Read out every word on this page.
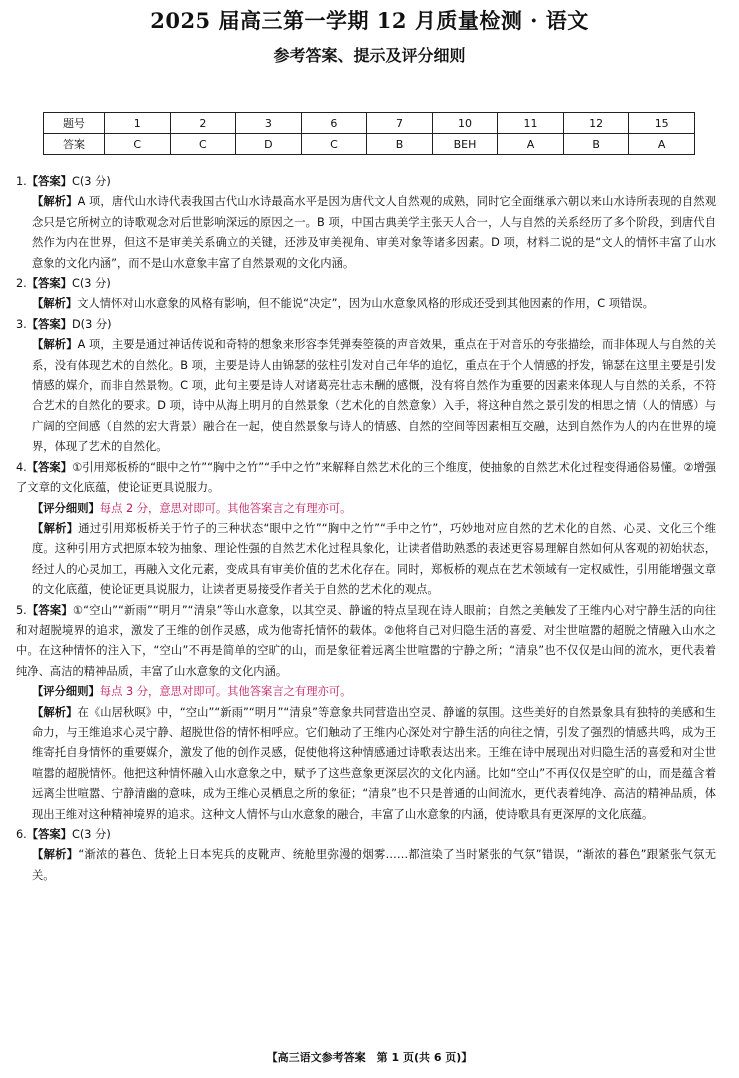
2025 届高三第一学期 12 月质量检测 · 语文
参考答案、提示及评分细则
题号	1	2	3	6	7	10	11	12	15
答案	C	C	D	C	B	BEH	A	B	A

1.【答案】C(3 分)

【解析】A 项，唐代山水诗代表我国古代山水诗最高水平是因为唐代文人自然观的成熟，同时它全面继承六朝以来山水诗所表现的自然观念只是它所树立的诗歌观念对后世影响深远的原因之一。B 项，中国古典美学主张天人合一，人与自然的关系经历了多个阶段，到唐代自然作为内在世界，但这不是审美关系确立的关键，还涉及审美视角、审美对象等诸多因素。D 项，材料二说的是“文人的情怀丰富了山水意象的文化内涵”，而不是山水意象丰富了自然景观的文化内涵。

2.【答案】C(3 分)

【解析】文人情怀对山水意象的风格有影响，但不能说“决定”，因为山水意象风格的形成还受到其他因素的作用，C 项错误。

3.【答案】D(3 分)

【解析】A 项，主要是通过神话传说和奇特的想象来形容李凭弹奏箜篌的声音效果，重点在于对音乐的夸张描绘，而非体现人与自然的关系，没有体现艺术的自然化。B 项，主要是诗人由锦瑟的弦柱引发对自己年华的追忆，重点在于个人情感的抒发，锦瑟在这里主要是引发情感的媒介，而非自然景物。C 项，此句主要是诗人对诸葛亮壮志未酬的感慨，没有将自然作为重要的因素来体现人与自然的关系，不符合艺术的自然化的要求。D 项，诗中从海上明月的自然景象（艺术化的自然意象）入手，将这种自然之景引发的相思之情（人的情感）与广阔的空间感（自然的宏大背景）融合在一起，使自然景象与诗人的情感、自然的空间等因素相互交融，达到自然作为人的内在世界的境界，体现了艺术的自然化。

4.【答案】①引用郑板桥的“眼中之竹”“胸中之竹”“手中之竹”来解释自然艺术化的三个维度，使抽象的自然艺术化过程变得通俗易懂。②增强了文章的文化底蕴，使论证更具说服力。

【评分细则】每点 2 分，意思对即可。其他答案言之有理亦可。

【解析】通过引用郑板桥关于竹子的三种状态“眼中之竹”“胸中之竹”“手中之竹”，巧妙地对应自然的艺术化的自然、心灵、文化三个维度。这种引用方式把原本较为抽象、理论性强的自然艺术化过程具象化，让读者借助熟悉的表述更容易理解自然如何从客观的初始状态，经过人的心灵加工，再融入文化元素，变成具有审美价值的艺术化存在。同时，郑板桥的观点在艺术领域有一定权威性，引用能增强文章的文化底蕴，使论证更具说服力，让读者更易接受作者关于自然的艺术化的观点。

5.【答案】①“空山”“新雨”“明月”“清泉”等山水意象，以其空灵、静谧的特点呈现在诗人眼前；自然之美触发了王维内心对宁静生活的向往和对超脱境界的追求，激发了王维的创作灵感，成为他寄托情怀的载体。②他将自己对归隐生活的喜爱、对尘世喧嚣的超脱之情融入山水之中。在这种情怀的注入下，“空山”不再是简单的空旷的山，而是象征着远离尘世喧嚣的宁静之所；“清泉”也不仅仅是山间的流水，更代表着纯净、高洁的精神品质，丰富了山水意象的文化内涵。

【评分细则】每点 3 分，意思对即可。其他答案言之有理亦可。

【解析】在《山居秋暝》中，“空山”“新雨”“明月”“清泉”等意象共同营造出空灵、静谧的氛围。这些美好的自然景象具有独特的美感和生命力，与王维追求心灵宁静、超脱世俗的情怀相呼应。它们触动了王维内心深处对宁静生活的向往之情，引发了强烈的情感共鸣，成为王维寄托自身情怀的重要媒介，激发了他的创作灵感，促使他将这种情感通过诗歌表达出来。王维在诗中展现出对归隐生活的喜爱和对尘世喧嚣的超脱情怀。他把这种情怀融入山水意象之中，赋予了这些意象更深层次的文化内涵。比如“空山”不再仅仅是空旷的山，而是蕴含着远离尘世喧嚣、宁静清幽的意味，成为王维心灵栖息之所的象征；“清泉”也不只是普通的山间流水，更代表着纯净、高洁的精神品质，体现出王维对这种精神境界的追求。这种文人情怀与山水意象的融合，丰富了山水意象的内涵，使诗歌具有更深厚的文化底蕴。

6.【答案】C(3 分)

【解析】“渐浓的暮色、货轮上日本宪兵的皮靴声、统舱里弥漫的烟雾……都渲染了当时紧张的气氛”错误，“渐浓的暮色”跟紧张气氛无关。

【高三语文参考答案　第 1 页(共 6 页)】
